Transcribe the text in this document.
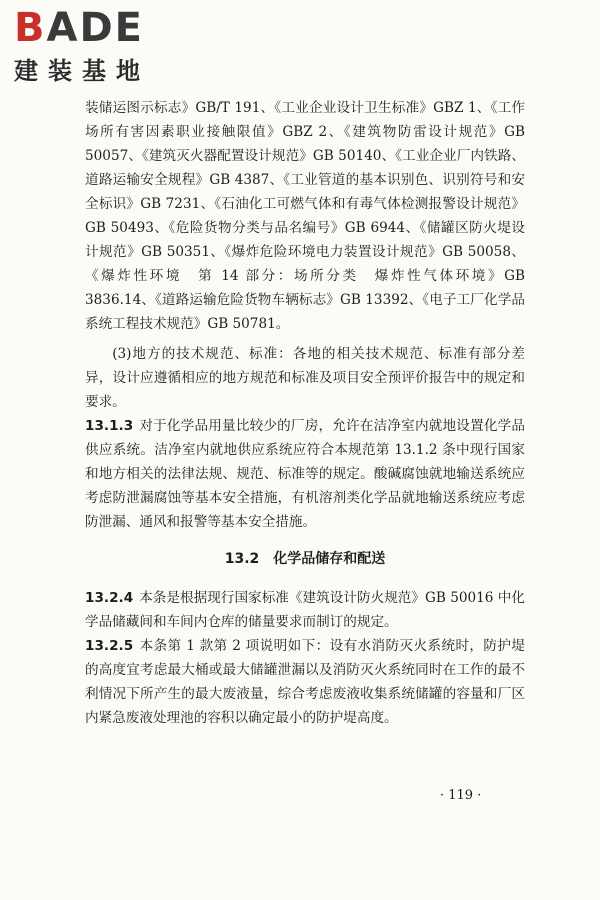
BADE
建装基地

装储运图示标志》GB/T 191、《工业企业设计卫生标准》GBZ 1、《工作场所有害因素职业接触限值》GBZ 2、《建筑物防雷设计规范》GB 50057、《建筑灭火器配置设计规范》GB 50140、《工业企业厂内铁路、道路运输安全规程》GB 4387、《工业管道的基本识别色、识别符号和安全标识》GB 7231、《石油化工可燃气体和有毒气体检测报警设计规范》GB 50493、《危险货物分类与品名编号》GB 6944、《储罐区防火堤设计规范》GB 50351、《爆炸危险环境电力装置设计规范》GB 50058、《爆炸性环境　第 14 部分：场所分类　爆炸性气体环境》GB 3836.14、《道路运输危险货物车辆标志》GB 13392、《电子工厂化学品系统工程技术规范》GB 50781。

(3)地方的技术规范、标准：各地的相关技术规范、标准有部分差异，设计应遵循相应的地方规范和标准及项目安全预评价报告中的规定和要求。

13.1.3 对于化学品用量比较少的厂房，允许在洁净室内就地设置化学品供应系统。洁净室内就地供应系统应符合本规范第 13.1.2 条中现行国家和地方相关的法律法规、规范、标准等的规定。酸碱腐蚀就地输送系统应考虑防泄漏腐蚀等基本安全措施，有机溶剂类化学品就地输送系统应考虑防泄漏、通风和报警等基本安全措施。

13.2　化学品储存和配送

13.2.4 本条是根据现行国家标准《建筑设计防火规范》GB 50016 中化学品储藏间和车间内仓库的储量要求而制订的规定。

13.2.5 本条第 1 款第 2 项说明如下：设有水消防灭火系统时，防护堤的高度宜考虑最大桶或最大储罐泄漏以及消防灭火系统同时在工作的最不利情况下所产生的最大废液量，综合考虑废液收集系统储罐的容量和厂区内紧急废液处理池的容积以确定最小的防护堤高度。

· 119 ·
